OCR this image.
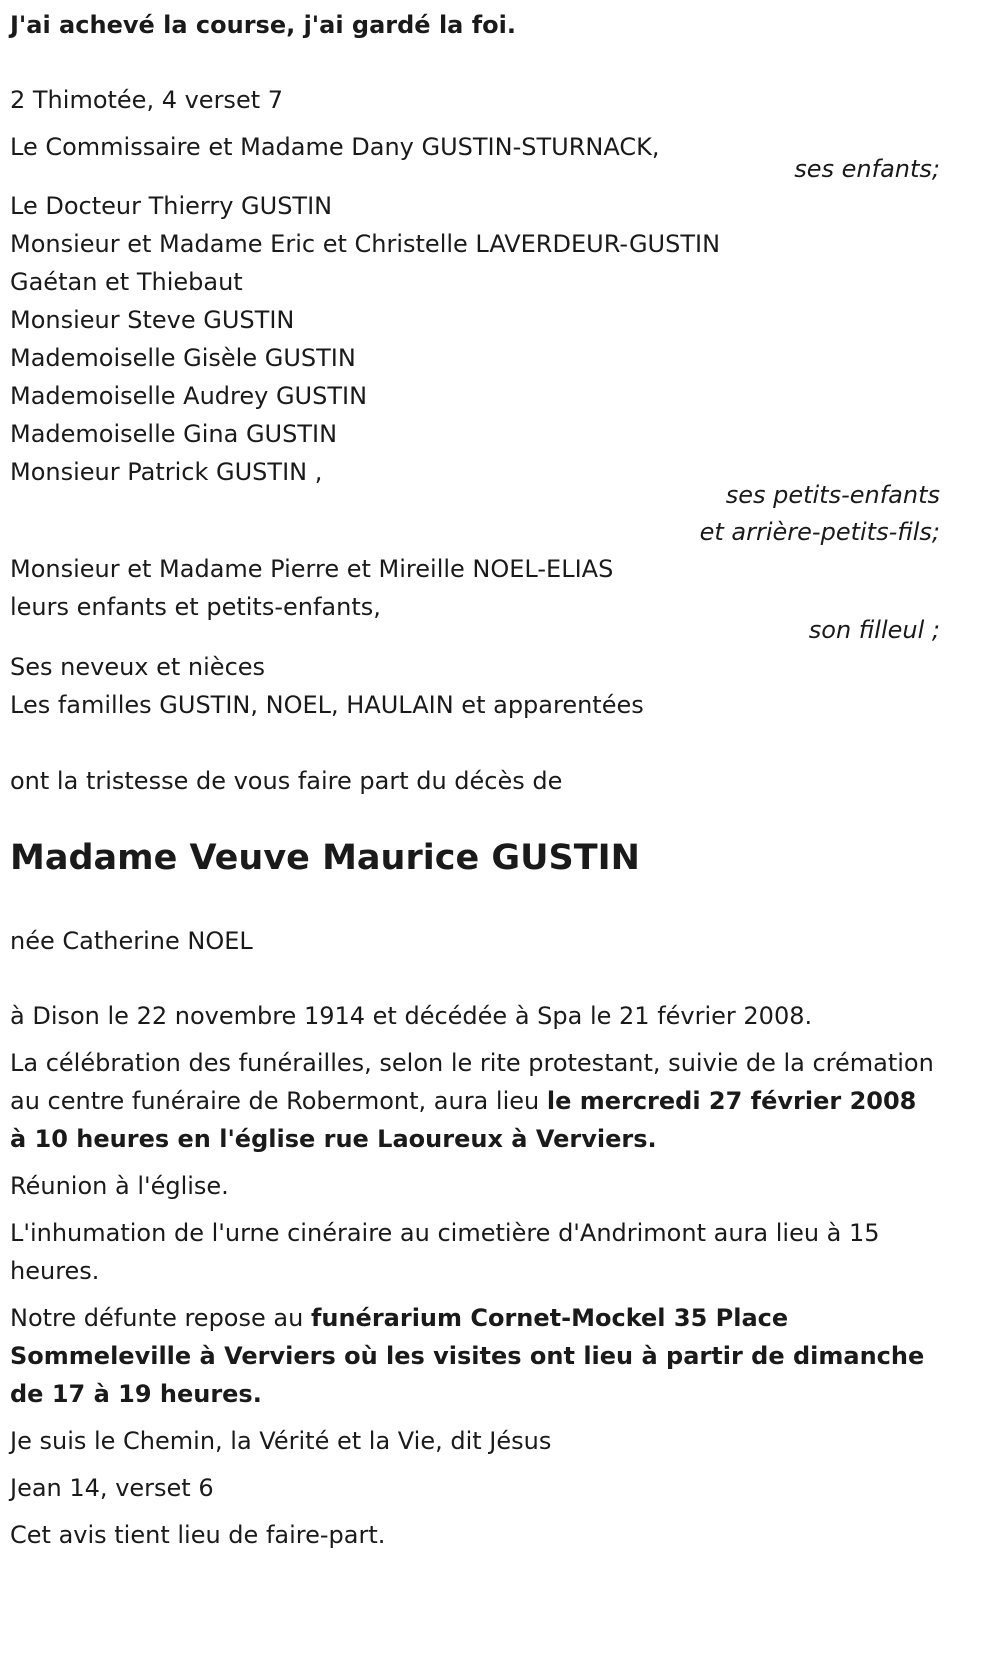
J'ai achevé la course, j'ai gardé la foi.
2 Thimotée, 4 verset 7
Le Commissaire et Madame Dany GUSTIN-STURNACK,
ses enfants;
Le Docteur Thierry GUSTIN
Monsieur et Madame Eric et Christelle LAVERDEUR-GUSTIN
Gaétan et Thiebaut
Monsieur Steve GUSTIN
Mademoiselle Gisèle GUSTIN
Mademoiselle Audrey GUSTIN
Mademoiselle Gina GUSTIN
Monsieur Patrick GUSTIN ,
ses petits-enfants
et arrière-petits-fils;
Monsieur et Madame Pierre et Mireille NOEL-ELIAS
leurs enfants et petits-enfants,
son filleul ;
Ses neveux et nièces
Les familles GUSTIN, NOEL, HAULAIN et apparentées
ont la tristesse de vous faire part du décès de
Madame Veuve Maurice GUSTIN
née Catherine NOEL
à Dison le 22 novembre 1914 et décédée à Spa le 21 février 2008.
La célébration des funérailles, selon le rite protestant, suivie de la crémation au centre funéraire de Robermont, aura lieu le mercredi 27 février 2008 à 10 heures en l'église rue Laoureux à Verviers.
Réunion à l'église.
L'inhumation de l'urne cinéraire au cimetière d'Andrimont aura lieu à 15 heures.
Notre défunte repose au funérarium Cornet-Mockel 35 Place Sommeleville à Verviers où les visites ont lieu à partir de dimanche de 17 à 19 heures.
Je suis le Chemin, la Vérité et la Vie, dit Jésus
Jean 14, verset 6
Cet avis tient lieu de faire-part.
